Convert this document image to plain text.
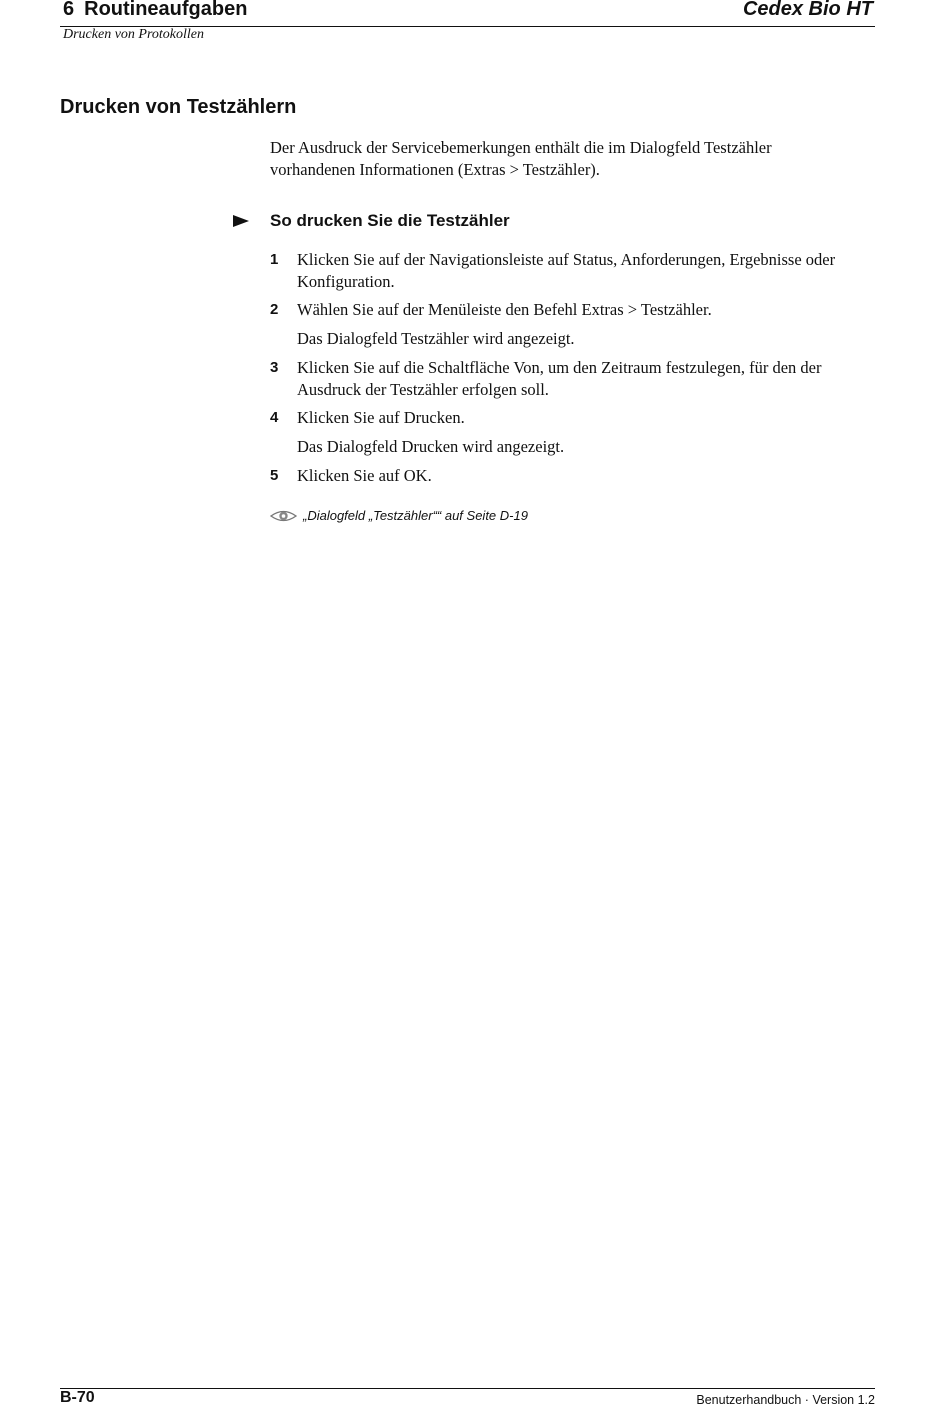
6 Routineaufgaben	Cedex Bio HT
Drucken von Protokollen
Drucken von Testzählern
Der Ausdruck der Servicebemerkungen enthält die im Dialogfeld Testzähler vorhandenen Informationen (Extras > Testzähler).
So drucken Sie die Testzähler
1 Klicken Sie auf der Navigationsleiste auf Status, Anforderungen, Ergebnisse oder Konfiguration.
2 Wählen Sie auf der Menüleiste den Befehl Extras > Testzähler.
Das Dialogfeld Testzähler wird angezeigt.
3 Klicken Sie auf die Schaltfläche Von, um den Zeitraum festzulegen, für den der Ausdruck der Testzähler erfolgen soll.
4 Klicken Sie auf Drucken.
Das Dialogfeld Drucken wird angezeigt.
5 Klicken Sie auf OK.
„Dialogfeld „Testzähler““ auf Seite D-19
B-70	Benutzerhandbuch · Version 1.2
